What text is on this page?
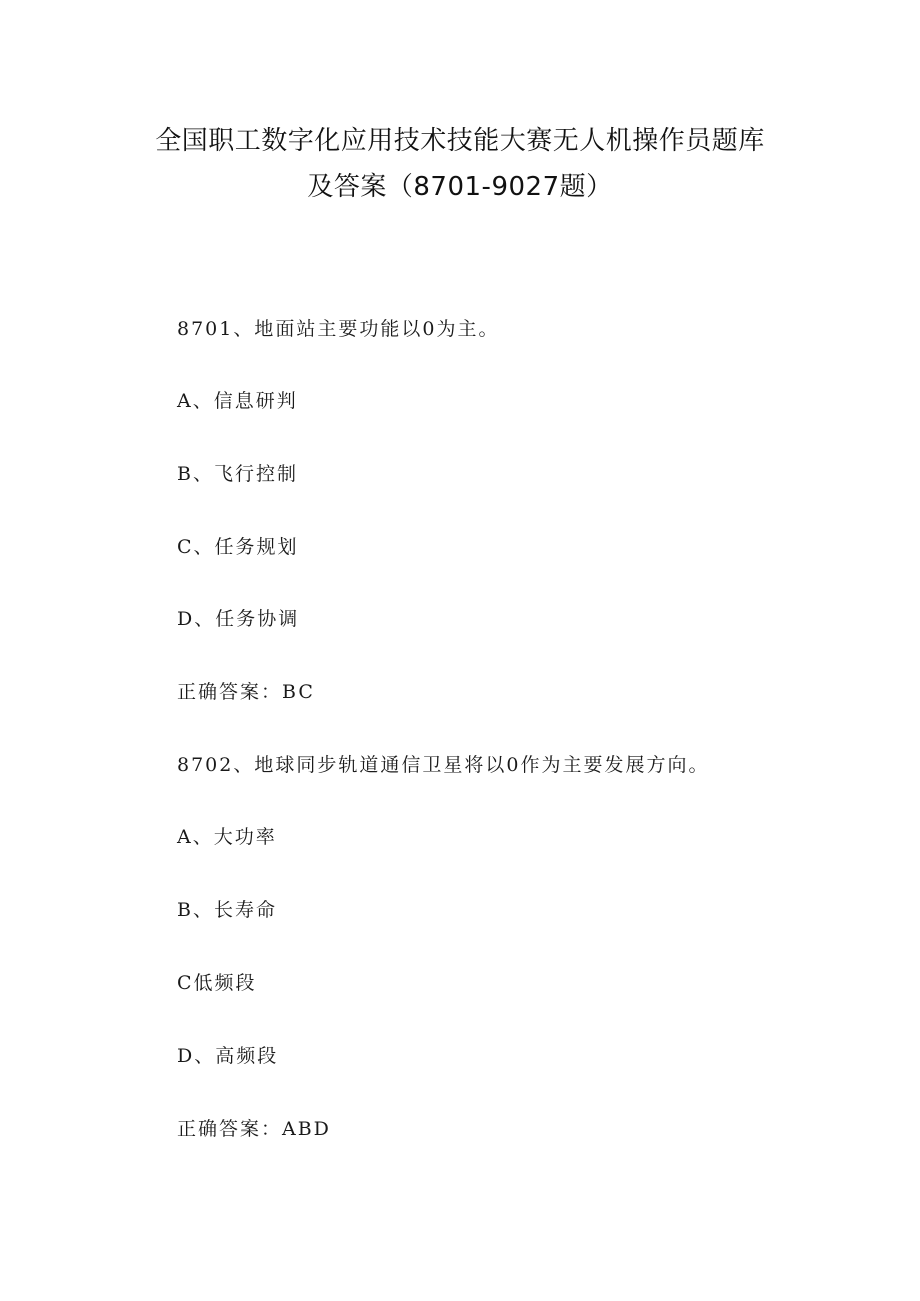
全国职工数字化应用技术技能大赛无人机操作员题库
及答案（8701-9027题）
8701、地面站主要功能以0为主。
A、信息研判
B、飞行控制
C、任务规划
D、任务协调
正确答案：BC
8702、地球同步轨道通信卫星将以0作为主要发展方向。
A、大功率
B、长寿命
C低频段
D、高频段
正确答案：ABD
